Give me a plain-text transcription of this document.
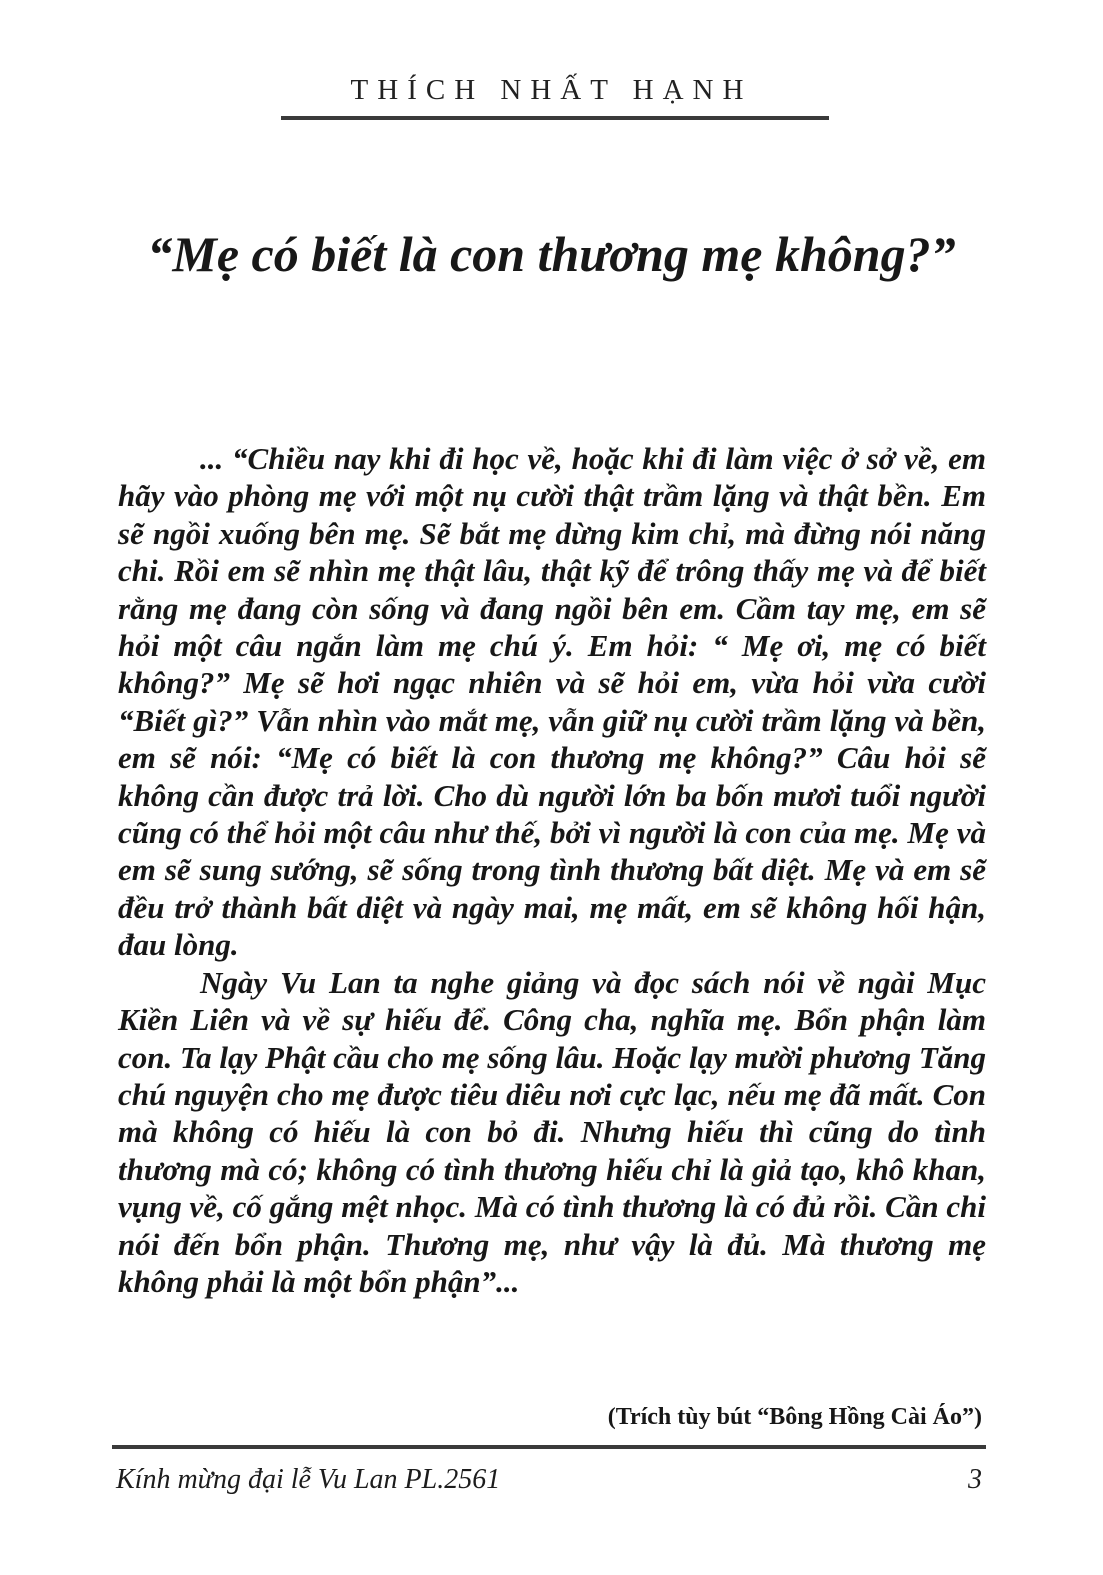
THÍCH NHẤT HẠNH
“Mẹ có biết là con thương mẹ không?”

... “Chiều nay khi đi học về, hoặc khi đi làm việc ở sở về, em hãy vào phòng mẹ với một nụ cười thật trầm lặng và thật bền. Em sẽ ngồi xuống bên mẹ. Sẽ bắt mẹ dừng kim chỉ, mà đừng nói năng chi. Rồi em sẽ nhìn mẹ thật lâu, thật kỹ để trông thấy mẹ và để biết rằng mẹ đang còn sống và đang ngồi bên em. Cầm tay mẹ, em sẽ hỏi một câu ngắn làm mẹ chú ý. Em hỏi: “ Mẹ ơi, mẹ có biết không?” Mẹ sẽ hơi ngạc nhiên và sẽ hỏi em, vừa hỏi vừa cười “Biết gì?” Vẫn nhìn vào mắt mẹ, vẫn giữ nụ cười trầm lặng và bền, em sẽ nói: “Mẹ có biết là con thương mẹ không?” Câu hỏi sẽ không cần được trả lời. Cho dù người lớn ba bốn mươi tuổi người cũng có thể hỏi một câu như thế, bởi vì người là con của mẹ. Mẹ và em sẽ sung sướng, sẽ sống trong tình thương bất diệt. Mẹ và em sẽ đều trở thành bất diệt và ngày mai, mẹ mất, em sẽ không hối hận, đau lòng.

Ngày Vu Lan ta nghe giảng và đọc sách nói về ngài Mục Kiền Liên và về sự hiếu để. Công cha, nghĩa mẹ. Bổn phận làm con. Ta lạy Phật cầu cho mẹ sống lâu. Hoặc lạy mười phương Tăng chú nguyện cho mẹ được tiêu diêu nơi cực lạc, nếu mẹ đã mất. Con mà không có hiếu là con bỏ đi. Nhưng hiếu thì cũng do tình thương mà có; không có tình thương hiếu chỉ là giả tạo, khô khan, vụng về, cố gắng mệt nhọc. Mà có tình thương là có đủ rồi. Cần chi nói đến bổn phận. Thương mẹ, như vậy là đủ. Mà thương mẹ không phải là một bổn phận”...

(Trích tùy bút “Bông Hồng Cài Áo”)
Kính mừng đại lễ Vu Lan PL.2561	3
